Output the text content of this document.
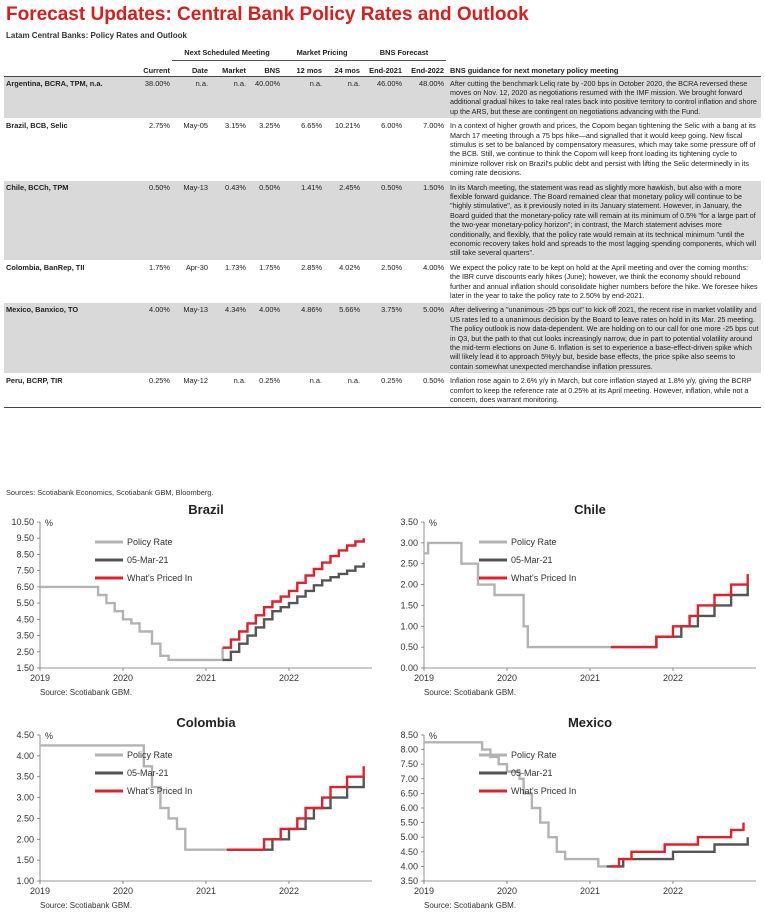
Forecast Updates: Central Bank Policy Rates and Outlook
Latam Central Banks: Policy Rates and Outlook
		Next Scheduled Meeting			Market Pricing		BNS Forecast		
	Current	Date	Market	BNS	12 mos	24 mos	End-2021	End-2022	BNS guidance for next monetary policy meeting
Argentina, BCRA, TPM, n.a.	38.00%	n.a.	n.a.	40.00%	n.a.	n.a.	46.00%	48.00%	After cutting the benchmark Leliq rate by -200 bps in October 2020, the BCRA reversed these moves on Nov. 12, 2020 as negotiations resumed with the IMF mission. We brought forward additional gradual hikes to take real rates back into positive territory to control inflation and shore up the ARS, but these are contingent on negotiations advancing with the Fund.
Brazil, BCB, Selic	2.75%	May-05	3.15%	3.25%	6.65%	10.21%	6.00%	7.00%	In a context of higher growth and prices, the Copom began tightening the Selic with a bang at its March 17 meeting through a 75 bps hike—and signalled that it would keep going. New fiscal stimulus is set to be balanced by compensatory measures, which may take some pressure off of the BCB. Still, we continue to think the Copom will keep front loading its tightening cycle to minimize rollover risk on Brazil's public debt and persist with lifting the Selic determinedly in its coming rate decisions.
Chile, BCCh, TPM	0.50%	May-13	0.43%	0.50%	1.41%	2.45%	0.50%	1.50%	In its March meeting, the statement was read as slightly more hawkish, but also with a more flexible forward guidance. The Board remained clear that monetary policy will continue to be "highly stimulative", as it previously noted in its January statement. However, in January, the Board guided that the monetary-policy rate will remain at its minimum of 0.5% "for a large part of the two-year monetary-policy horizon"; in contrast, the March statement advises more conditionally, and flexibly, that the policy rate would remain at its technical minimum "until the economic recovery takes hold and spreads to the most lagging spending components, which will still take several quarters".
Colombia, BanRep, TII	1.75%	Apr-30	1.73%	1.75%	2.85%	4.02%	2.50%	4.00%	We expect the policy rate to be kept on hold at the April meeting and over the coming months: the IBR curve discounts early hikes (June); however, we think the economy should rebound further and annual inflation should consolidate higher numbers before the hike. We foresee hikes later in the year to take the policy rate to 2.50% by end-2021.
Mexico, Banxico, TO	4.00%	May-13	4.34%	4.00%	4.86%	5.66%	3.75%	5.00%	After delivering a "unanimous -25 bps cut" to kick off 2021, the recent rise in market volatility and US rates led to a unanimous decision by the Board to leave rates on hold in its Mar. 25 meeting. The policy outlook is now data-dependent. We are holding on to our call for one more -25 bps cut in Q3, but the path to that cut looks increasingly narrow, due in part to potential volatility around the mid-term elections on June 6. Inflation is set to experience a base-effect-driven spike which will likely lead it to approach 5%y/y but, beside base effects, the price spike also seems to contain somewhat unexpected merchandise inflation pressures.
Peru, BCRP, TIR	0.25%	May-12	n.a.	0.25%	n.a.	n.a.	0.25%	0.50%	Inflation rose again to 2.6% y/y in March, but core inflation stayed at 1.8% y/y, giving the BCRP comfort to keep the reference rate at 0.25% at its April meeting. However, inflation, while not a concern, does warrant monitoring.
Sources: Scotiabank Economics, Scotiabank GBM, Bloomberg.
Brazil
1.50
2.50
3.50
4.50
5.50
6.50
7.50
8.50
9.50
10.50 %
2019	2020	2021	2022
Policy Rate
05-Mar-21
What's Priced In
Source: Scotiabank GBM.
Chile
0.00
0.50
1.00
1.50
2.00
2.50
3.00
3.50 %
2019	2020	2021	2022
Policy Rate
05-Mar-21
What's Priced In
Source: Scotiabank GBM.
Colombia
1.00
1.50
2.00
2.50
3.00
3.50
4.00
4.50 %
2019	2020	2021	2022
Policy Rate
05-Mar-21
What's Priced In
Source: Scotiabank GBM.
Mexico
3.50
4.00
4.50
5.00
5.50
6.00
6.50
7.00
7.50
8.00
8.50 %
2019	2020	2021	2022
Policy Rate
05-Mar-21
What's Priced In
Source: Scotiabank GBM.
